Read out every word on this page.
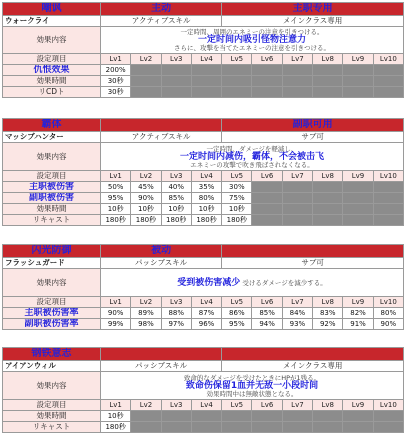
嘲讽	主动				主职专用					
ウォークライ	アクティブスキル				メインクラス専用					
効果内容	一定時間、周囲のエネミーの注意を引きつける。
一定时间内吸引怪物注意力
さらに、攻撃を当てたエネミーの注意を引きつける。									
設定項目	Lv1	Lv2	Lv3	Lv4	Lv5	Lv6	Lv7	Lv8	Lv9	Lv10
仇恨效果	200%									
効果時間	30秒									
リCDト	30秒									
霸体					副职可用					
マッシブハンター	アクティブスキル				サブ可					
効果内容	一定時間、ダメージを軽減し、
一定时间内减伤，霸体，不会被击飞
エネミーの攻撃で吹き飛ばされなくなる。									
設定項目	Lv1	Lv2	Lv3	Lv4	Lv5	Lv6	Lv7	Lv8	Lv9	Lv10
主职被伤害	50%	45%	40%	35%	30%					
副职被伤害	95%	90%	85%	80%	75%					
効果時間	10秒	10秒	10秒	10秒	10秒					
リキャスト	180秒	180秒	180秒	180秒	180秒					
闪光防御	被动									
フラッシュガード	パッシブスキル				サブ可					
効果内容	受到被伤害减少 受けるダメージを減少する。									
設定項目	Lv1	Lv2	Lv3	Lv4	Lv5	Lv6	Lv7	Lv8	Lv9	Lv10
主职被伤害率	90%	89%	88%	87%	86%	85%	84%	83%	82%	80%
副职被伤害率	99%	98%	97%	96%	95%	94%	93%	92%	91%	90%
钢铁意志										
アイアンウィル	パッシブスキル				メインクラス専用					
効果内容	致命的なダメージを受けたときにHPが1残る。
致命伤保留1血并无敌一小段时间
効果時間中は無敵状態となる。									
設定項目	Lv1	Lv2	Lv3	Lv4	Lv5	Lv6	Lv7	Lv8	Lv9	Lv10
効果時間	10秒									
リキャスト	180秒									
